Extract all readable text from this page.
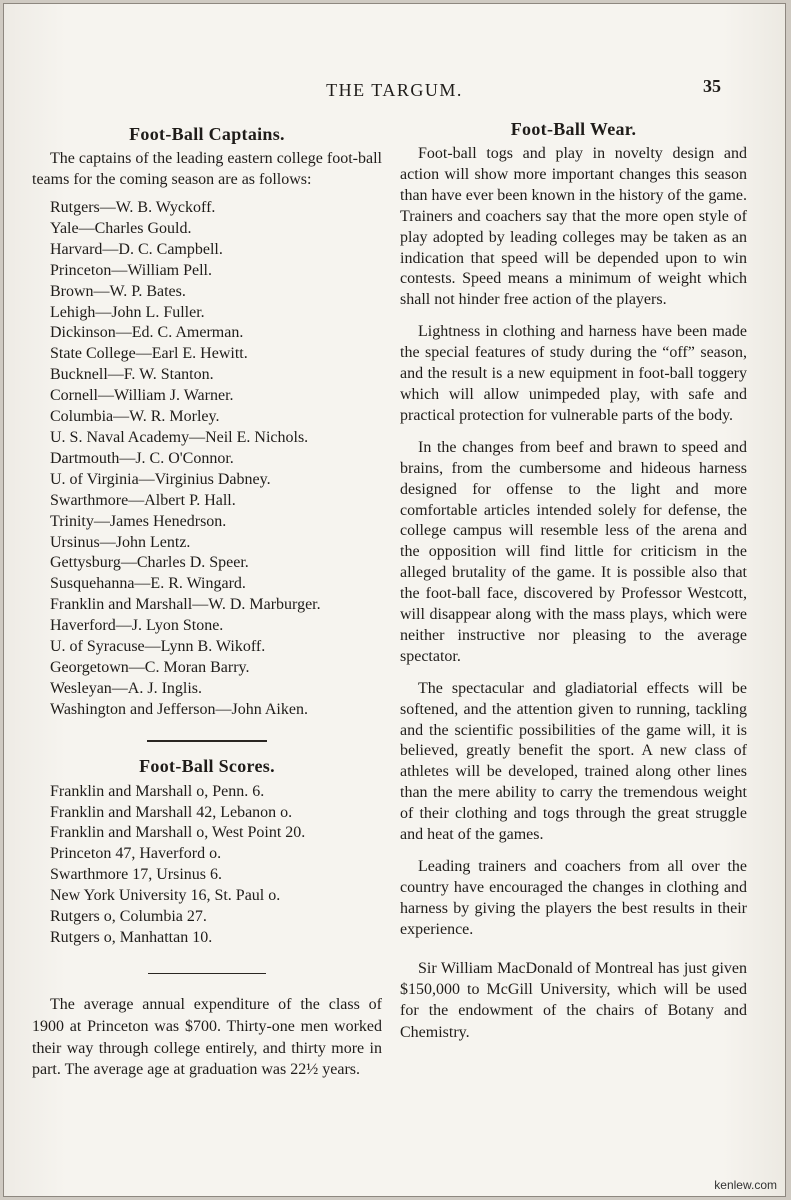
THE TARGUM.	35
Foot-Ball Captains.

The captains of the leading eastern college foot-ball teams for the coming season are as follows:

Rutgers—W. B. Wyckoff.
Yale—Charles Gould.
Harvard—D. C. Campbell.
Princeton—William Pell.
Brown—W. P. Bates.
Lehigh—John L. Fuller.
Dickinson—Ed. C. Amerman.
State College—Earl E. Hewitt.
Bucknell—F. W. Stanton.
Cornell—William J. Warner.
Columbia—W. R. Morley.
U. S. Naval Academy—Neil E. Nichols.
Dartmouth—J. C. O'Connor.
U. of Virginia—Virginius Dabney.
Swarthmore—Albert P. Hall.
Trinity—James Henedrson.
Ursinus—John Lentz.
Gettysburg—Charles D. Speer.
Susquehanna—E. R. Wingard.
Franklin and Marshall—W. D. Marburger.
Haverford—J. Lyon Stone.
U. of Syracuse—Lynn B. Wikoff.
Georgetown—C. Moran Barry.
Wesleyan—A. J. Inglis.
Washington and Jefferson—John Aiken.
Foot-Ball Scores.
Franklin and Marshall o, Penn. 6.
Franklin and Marshall 42, Lebanon o.
Franklin and Marshall o, West Point 20.
Princeton 47, Haverford o.
Swarthmore 17, Ursinus 6.
New York University 16, St. Paul o.
Rutgers o, Columbia 27.
Rutgers o, Manhattan 10.

The average annual expenditure of the class of 1900 at Princeton was $700. Thirty-one men worked their way through college entirely, and thirty more in part. The average age at graduation was 22½ years.

Foot-Ball Wear.

Foot-ball togs and play in novelty design and action will show more important changes this season than have ever been known in the history of the game. Trainers and coachers say that the more open style of play adopted by leading colleges may be taken as an indication that speed will be depended upon to win contests. Speed means a minimum of weight which shall not hinder free action of the players.

Lightness in clothing and harness have been made the special features of study during the “off” season, and the result is a new equipment in foot-ball toggery which will allow unimpeded play, with safe and practical protection for vulnerable parts of the body.

In the changes from beef and brawn to speed and brains, from the cumbersome and hideous harness designed for offense to the light and more comfortable articles intended solely for defense, the college campus will resemble less of the arena and the opposition will find little for criticism in the alleged brutality of the game. It is possible also that the foot-ball face, discovered by Professor Westcott, will disappear along with the mass plays, which were neither instructive nor pleasing to the average spectator.

The spectacular and gladiatorial effects will be softened, and the attention given to running, tackling and the scientific possibilities of the game will, it is believed, greatly benefit the sport. A new class of athletes will be developed, trained along other lines than the mere ability to carry the tremendous weight of their clothing and togs through the great struggle and heat of the games.

Leading trainers and coachers from all over the country have encouraged the changes in clothing and harness by giving the players the best results in their experience.

Sir William MacDonald of Montreal has just given $150,000 to McGill University, which will be used for the endowment of the chairs of Botany and Chemistry.

kenlew.com
